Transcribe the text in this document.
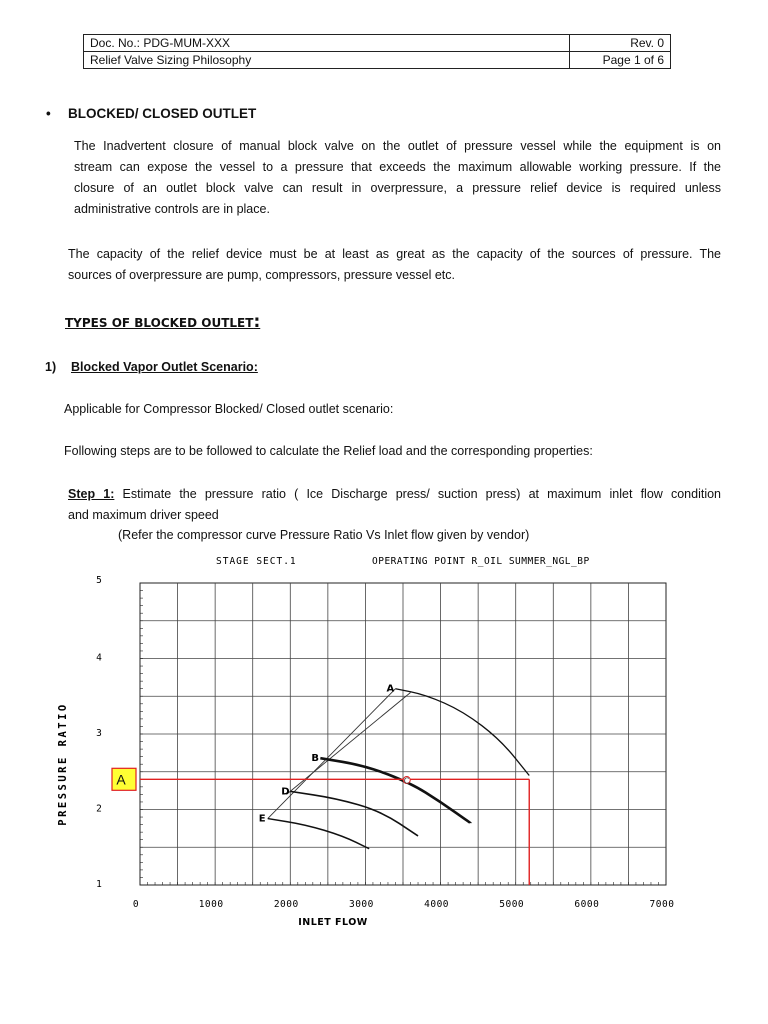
Doc. No.: PDG-MUM-XXX	Rev. 0
Relief Valve Sizing Philosophy	Page 1 of 6
• BLOCKED/ CLOSED OUTLET
The Inadvertent closure of manual block valve on the outlet of pressure vessel while the equipment is on
stream can expose the vessel to a pressure that exceeds the maximum allowable working pressure. If the
closure of an outlet block valve can result in overpressure, a pressure relief device is required unless
administrative controls are in place.
The capacity of the relief device must be at least as great as the capacity of the sources of pressure. The
sources of overpressure are pump, compressors, pressure vessel etc.
TYPES OF BLOCKED OUTLET:
1) Blocked Vapor Outlet Scenario:
Applicable for Compressor Blocked/ Closed outlet scenario:
Following steps are to be followed to calculate the Relief load and the corresponding properties:
Step 1: Estimate the pressure ratio ( Ice Discharge press/ suction press) at maximum inlet flow condition
and maximum driver speed
(Refer the compressor curve Pressure Ratio Vs Inlet flow given by vendor)
STAGE SECT.1	OPERATING POINT R_OIL SUMMER_NGL_BP
0	1000	2000	3000	4000	5000	6000	7000
1
2
3
4
5
INLET FLOW
PRESSURE RATIO
A
B
D
E
C
A
